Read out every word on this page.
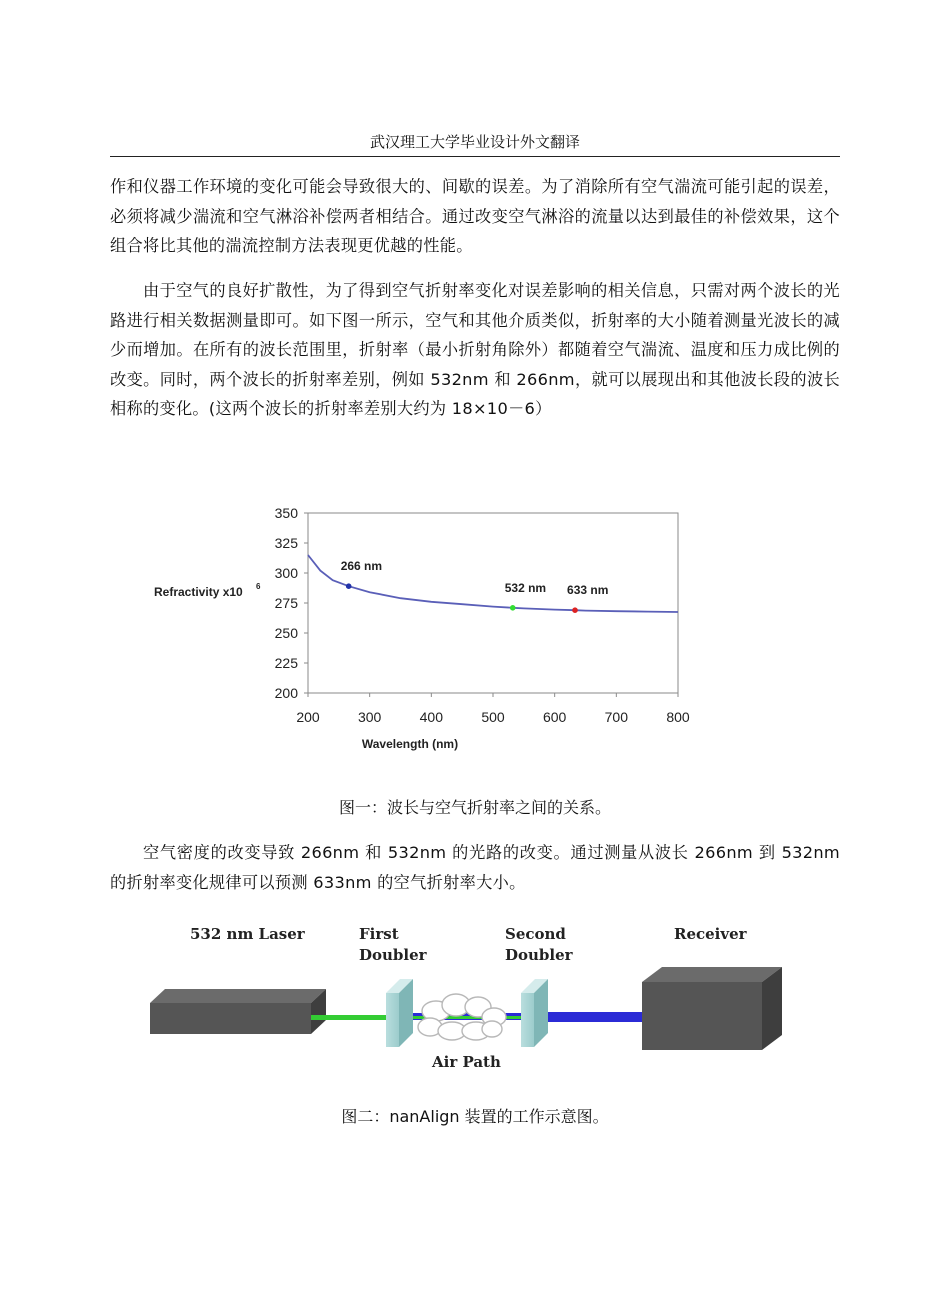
武汉理工大学毕业设计外文翻译

作和仪器工作环境的变化可能会导致很大的、间歇的误差。为了消除所有空气湍流可能引起的误差，必须将减少湍流和空气淋浴补偿两者相结合。通过改变空气淋浴的流量以达到最佳的补偿效果，这个组合将比其他的湍流控制方法表现更优越的性能。

由于空气的良好扩散性，为了得到空气折射率变化对误差影响的相关信息，只需对两个波长的光路进行相关数据测量即可。如下图一所示，空气和其他介质类似，折射率的大小随着测量光波长的减少而增加。在所有的波长范围里，折射率（最小折射角除外）都随着空气湍流、温度和压力成比例的改变。同时，两个波长的折射率差别，例如 532nm 和 266nm，就可以展现出和其他波长段的波长相称的变化。(这两个波长的折射率差别大约为 18×10－6）

200
225
250
275
300
325
350
200	300	400	500	600	700	800
Wavelength (nm)
Refractivity x10 6
266 nm
532 nm 633 nm
图一：波长与空气折射率之间的关系。

空气密度的改变导致 266nm 和 532nm 的光路的改变。通过测量从波长 266nm 到 532nm 的折射率变化规律可以预测 633nm 的空气折射率大小。

532 nm Laser	First
Doubler
Second
Doubler
Receiver
Air Path
图二：nanAlign 装置的工作示意图。
